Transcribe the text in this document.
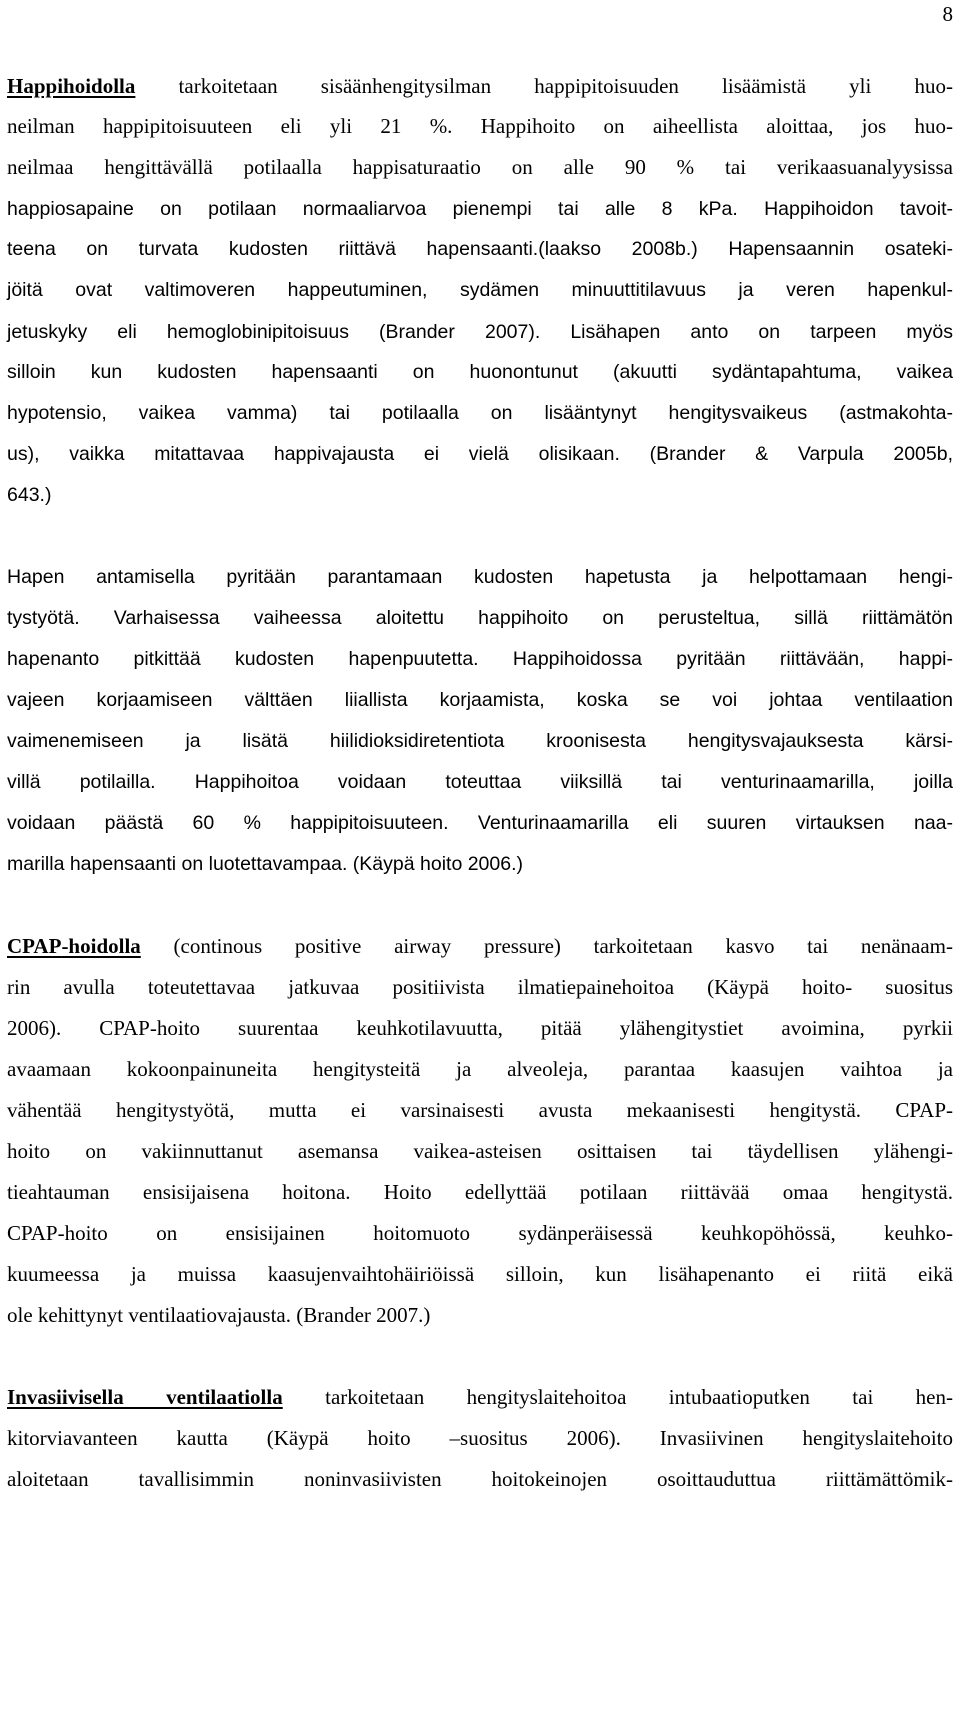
8
Happihoidolla tarkoitetaan sisäänhengitysilman happipitoisuuden lisäämistä yli huo-
neilman happipitoisuuteen eli yli 21 %. Happihoito on aiheellista aloittaa, jos huo-
neilmaa hengittävällä potilaalla happisaturaatio on alle 90 % tai verikaasuanalyysissa
happiosapaine on potilaan normaaliarvoa pienempi tai alle 8 kPa. Happihoidon tavoit-
teena on turvata kudosten riittävä hapensaanti.(laakso 2008b.) Hapensaannin osateki-
jöitä ovat valtimoveren happeutuminen, sydämen minuuttitilavuus ja veren hapenkul-
jetuskyky eli hemoglobinipitoisuus (Brander 2007). Lisähapen anto on tarpeen myös
silloin kun kudosten hapensaanti on huonontunut (akuutti sydäntapahtuma, vaikea
hypotensio, vaikea vamma) tai potilaalla on lisääntynyt hengitysvaikeus (astmakohta-
us), vaikka mitattavaa happivajausta ei vielä olisikaan. (Brander & Varpula 2005b,
643.)
Hapen antamisella pyritään parantamaan kudosten hapetusta ja helpottamaan hengi-
tystyötä. Varhaisessa vaiheessa aloitettu happihoito on perusteltua, sillä riittämätön
hapenanto pitkittää kudosten hapenpuutetta. Happihoidossa pyritään riittävään, happi-
vajeen korjaamiseen välttäen liiallista korjaamista, koska se voi johtaa ventilaation
vaimenemiseen ja lisätä hiilidioksidiretentiota kroonisesta hengitysvajauksesta kärsi-
villä potilailla. Happihoitoa voidaan toteuttaa viiksillä tai venturinaamarilla, joilla
voidaan päästä 60 % happipitoisuuteen. Venturinaamarilla eli suuren virtauksen naa-
marilla hapensaanti on luotettavampaa. (Käypä hoito 2006.)
CPAP-hoidolla (continous positive airway pressure) tarkoitetaan kasvo tai nenänaam-
rin avulla toteutettavaa jatkuvaa positiivista ilmatiepainehoitoa (Käypä hoito- suositus
2006). CPAP-hoito suurentaa keuhkotilavuutta, pitää ylähengitystiet avoimina, pyrkii
avaamaan kokoonpainuneita hengitysteitä ja alveoleja, parantaa kaasujen vaihtoa ja
vähentää hengitystyötä, mutta ei varsinaisesti avusta mekaanisesti hengitystä. CPAP-
hoito on vakiinnuttanut asemansa vaikea-asteisen osittaisen tai täydellisen ylähengi-
tieahtauman ensisijaisena hoitona. Hoito edellyttää potilaan riittävää omaa hengitystä.
CPAP-hoito on ensisijainen hoitomuoto sydänperäisessä keuhkopöhössä, keuhko-
kuumeessa ja muissa kaasujenvaihtohäiriöissä silloin, kun lisähapenanto ei riitä eikä
ole kehittynyt ventilaatiovajausta. (Brander 2007.)
Invasiivisella ventilaatiolla tarkoitetaan hengityslaitehoitoa intubaatioputken tai hen-
kitorviavanteen kautta (Käypä hoito –suositus 2006). Invasiivinen hengityslaitehoito
aloitetaan tavallisimmin noninvasiivisten hoitokeinojen osoittauduttua riittämättömik-
